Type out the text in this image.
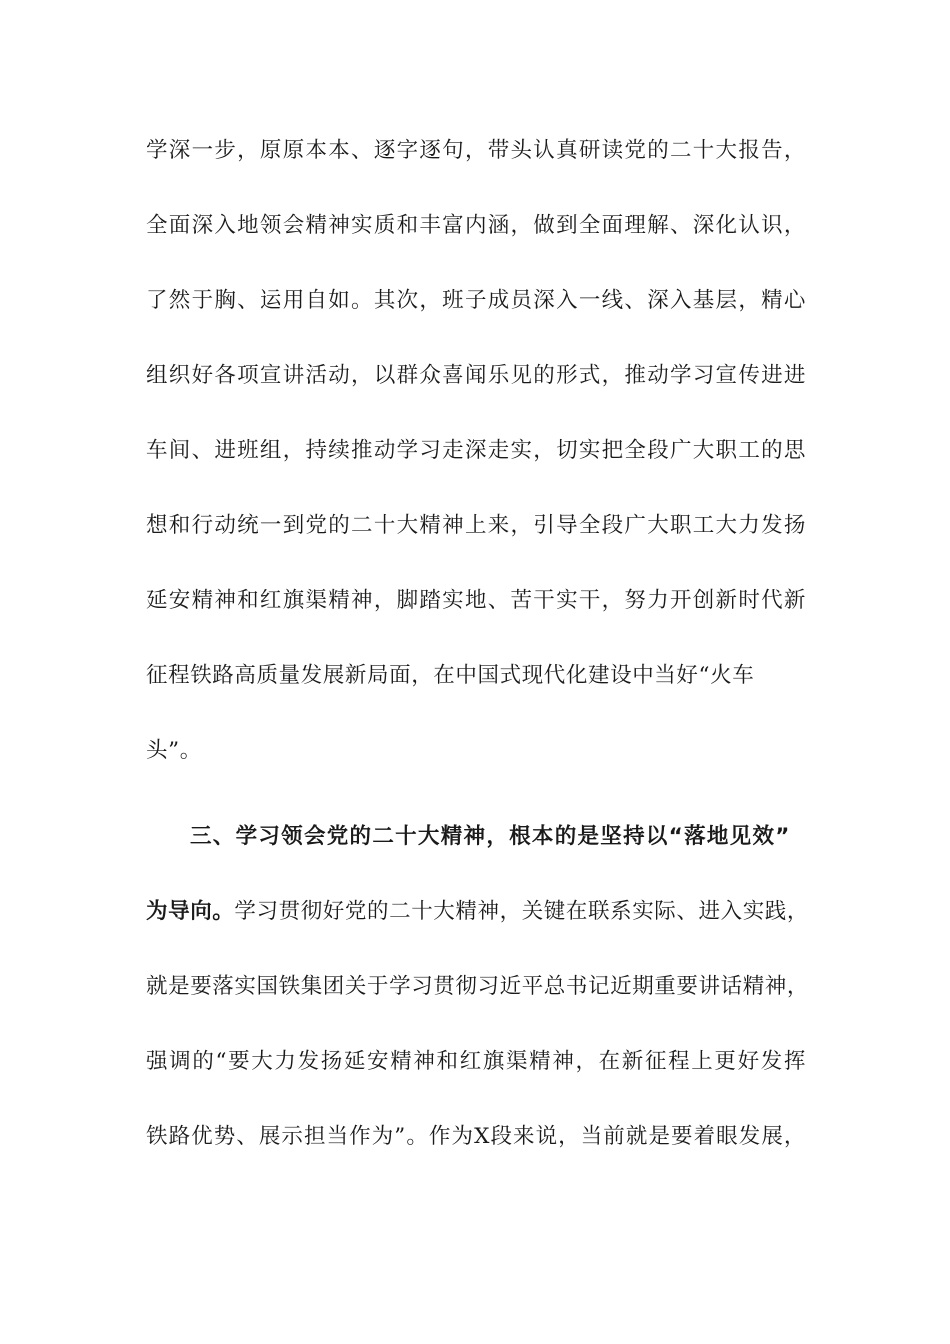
学深一步，原原本本、逐字逐句，带头认真研读党的二十大报告，
全面深入地领会精神实质和丰富内涵，做到全面理解、深化认识，
了然于胸、运用自如。其次，班子成员深入一线、深入基层，精心
组织好各项宣讲活动，以群众喜闻乐见的形式，推动学习宣传进进
车间、进班组，持续推动学习走深走实，切实把全段广大职工的思
想和行动统一到党的二十大精神上来，引导全段广大职工大力发扬
延安精神和红旗渠精神，脚踏实地、苦干实干，努力开创新时代新
征程铁路高质量发展新局面，在中国式现代化建设中当好“火车
头”。
三、学习领会党的二十大精神，根本的是坚持以“落地见效”
为导向。学习贯彻好党的二十大精神，关键在联系实际、进入实践，
就是要落实国铁集团关于学习贯彻习近平总书记近期重要讲话精神，
强调的“要大力发扬延安精神和红旗渠精神，在新征程上更好发挥
铁路优势、展示担当作为”。作为X段来说，当前就是要着眼发展，
